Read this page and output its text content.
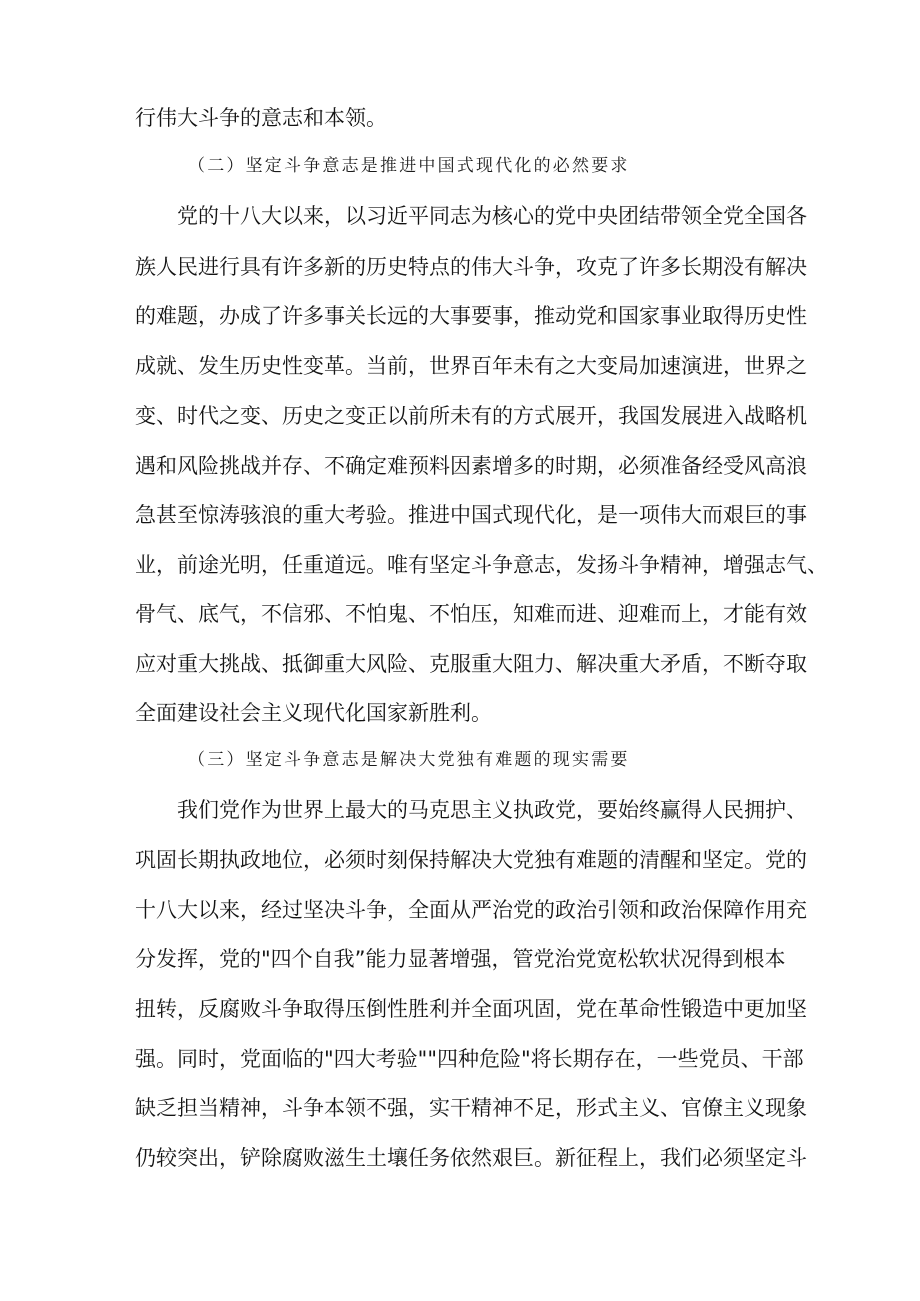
行伟大斗争的意志和本领。
（二）坚定斗争意志是推进中国式现代化的必然要求
党的十八大以来，以习近平同志为核心的党中央团结带领全党全国各
族人民进行具有许多新的历史特点的伟大斗争，攻克了许多长期没有解决
的难题，办成了许多事关长远的大事要事，推动党和国家事业取得历史性
成就、发生历史性变革。当前，世界百年未有之大变局加速演进，世界之
变、时代之变、历史之变正以前所未有的方式展开，我国发展进入战略机
遇和风险挑战并存、不确定难预料因素增多的时期，必须准备经受风高浪
急甚至惊涛骇浪的重大考验。推进中国式现代化，是一项伟大而艰巨的事
业，前途光明，任重道远。唯有坚定斗争意志，发扬斗争精神，增强志气、
骨气、底气，不信邪、不怕鬼、不怕压，知难而进、迎难而上，才能有效
应对重大挑战、抵御重大风险、克服重大阻力、解决重大矛盾，不断夺取
全面建设社会主义现代化国家新胜利。
（三）坚定斗争意志是解决大党独有难题的现实需要
我们党作为世界上最大的马克思主义执政党，要始终赢得人民拥护、
巩固长期执政地位，必须时刻保持解决大党独有难题的清醒和坚定。党的
十八大以来，经过坚决斗争，全面从严治党的政治引领和政治保障作用充
分发挥，党的"四个自我”能力显著增强，管党治党宽松软状况得到根本
扭转，反腐败斗争取得压倒性胜利并全面巩固，党在革命性锻造中更加坚
强。同时，党面临的"四大考验""四种危险"将长期存在，一些党员、干部
缺乏担当精神，斗争本领不强，实干精神不足，形式主义、官僚主义现象
仍较突出，铲除腐败滋生土壤任务依然艰巨。新征程上，我们必须坚定斗
